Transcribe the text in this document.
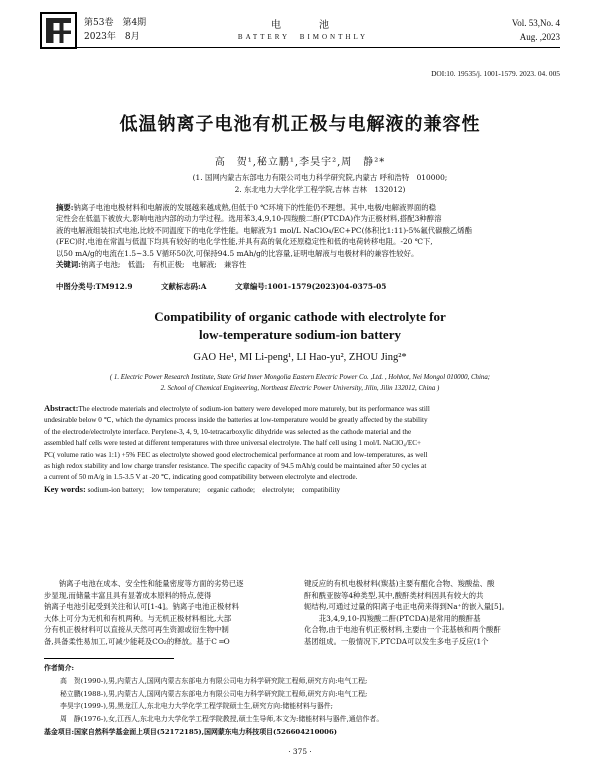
第53卷　第4期
2023年　8月
电　　池
BATTERY　BIMONTHLY
Vol. 53,No. 4
Aug. ,2023
DOI:10. 19535/j. 1001-1579. 2023. 04. 005
低温钠离子电池有机正极与电解液的兼容性
高　贺¹,秘立鹏¹,李昊宇²,周　静²*
(1. 国网内蒙古东部电力有限公司电力科学研究院,内蒙古 呼和浩特　010000;
2. 东北电力大学化学工程学院,吉林 吉林　132012)
摘要:钠离子电池电极材料和电解液的发展越来越成熟,但低于0 ℃环境下的性能仍不理想。其中,电极/电解液界面的稳
定性会在低温下被放大,影响电池内部的动力学过程。选用苯3,4,9,10-四羧酸二酐(PTCDA)作为正极材料,搭配3种醇溶
液的电解液组装扣式电池,比较不同温度下的电化学性能。电解液为1 mol/L NaClO₄/EC+PC(体积比1:11)-5%氟代碳酸乙烯酯
(FEC)时,电池在常温与低温下均具有较好的电化学性能,并具有高的氧化还原稳定性和低的电荷转移电阻。-20 ℃下,
以50 mA/g的电流在1.5~3.5 V循环50次,可保持94.5 mAh/g的比容量,证明电解液与电极材料的兼容性较好。
关键词:钠离子电池;　 低温;　 有机正极;　 电解液;　 兼容性
中图分类号:TM912.9	文献标志码:A	文章编号:1001-1579(2023)04-0375-05
Compatibility of organic cathode with electrolyte for
low-temperature sodium-ion battery
GAO He¹, MI Li-peng¹, LI Hao-yu², ZHOU Jing²*
( 1. Electric Power Research Institute, State Grid Inner Mongolia Eastern Electric Power Co. ,Ltd. , Hohhot, Nei Mongol 010000, China;
2. School of Chemical Engineering, Northeast Electric Power University, Jilin, Jilin 132012, China )
Abstract:The electrode materials and electrolyte of sodium-ion battery were developed more maturely, but its performance was still
undesirable below 0 ℃, which the dynamics process inside the batteries at low-temperature would be greatly affected by the stability
of the electrode/electrolyte interface. Perylene-3, 4, 9, 10-tetracarboxylic dihydride was selected as the cathode material and the
assembled half cells were tested at different temperatures with three universal electrolyte. The half cell using 1 mol/L NaClO₄/EC+
PC( volume ratio was 1:1) +5% FEC as electrolyte showed good electrochemical performance at room and low-temperatures, as well
as high redox stability and low charge transfer resistance. The specific capacity of 94.5 mAh/g could be maintained after 50 cycles at
a current of 50 mA/g in 1.5-3.5 V at -20 ℃, indicating good compatibility between electrolyte and electrode.
Key words: sodium-ion battery;　 low temperature;　 organic cathode;　 electrolyte;　 compatibility
　　钠离子电池在成本、安全性和能量密度等方面的劣势已逐
步显现,而储量丰富且具有显著成本原料的特点,使得
钠离子电池引起受到关注和认可[1-4]。钠离子电池正极材料
大体上可分为无机和有机两种。与无机正极材料相比,大部
分有机正极材料可以直接从天然可再生资源或衍生物中制
备,具备柔性易加工,可减少能耗及CO₂的释放。基于C ═O
键反应的有机电极材料(羰基)主要有醌化合物、羧酸盐、酸
酐和酰亚胺等4种类型,其中,酸酐类材料因具有较大的共
轭结构,可通过过量的阳离子电正电荷来得到Na⁺的嵌入量[5]。
　　苝3,4,9,10-四羧酸二酐(PTCDA)是常用的酸酐基
化合物,由于电池有机正极材料,主要由一个苝基核和两个酸酐
基团组成。一般情况下,PTCDA可以发生多电子反应(1个
作者简介:
高　贺(1990-),男,内蒙古人,国网内蒙古东部电力有限公司电力科学研究院工程师,研究方向:电气工程;
秘立鹏(1988-),男,内蒙古人,国网内蒙古东部电力有限公司电力科学研究院工程师,研究方向:电气工程;
李昊宇(1999-),男,黑龙江人,东北电力大学化学工程学院硕士生,研究方向:储能材料与器件;
周　静(1976-),女,江西人,东北电力大学化学工程学院教授,硕士生导师,本文为:储能材料与器件,通信作者。
基金项目:国家自然科学基金面上项目(52172185),国网蒙东电力科技项目(526604210006)
· 375 ·
